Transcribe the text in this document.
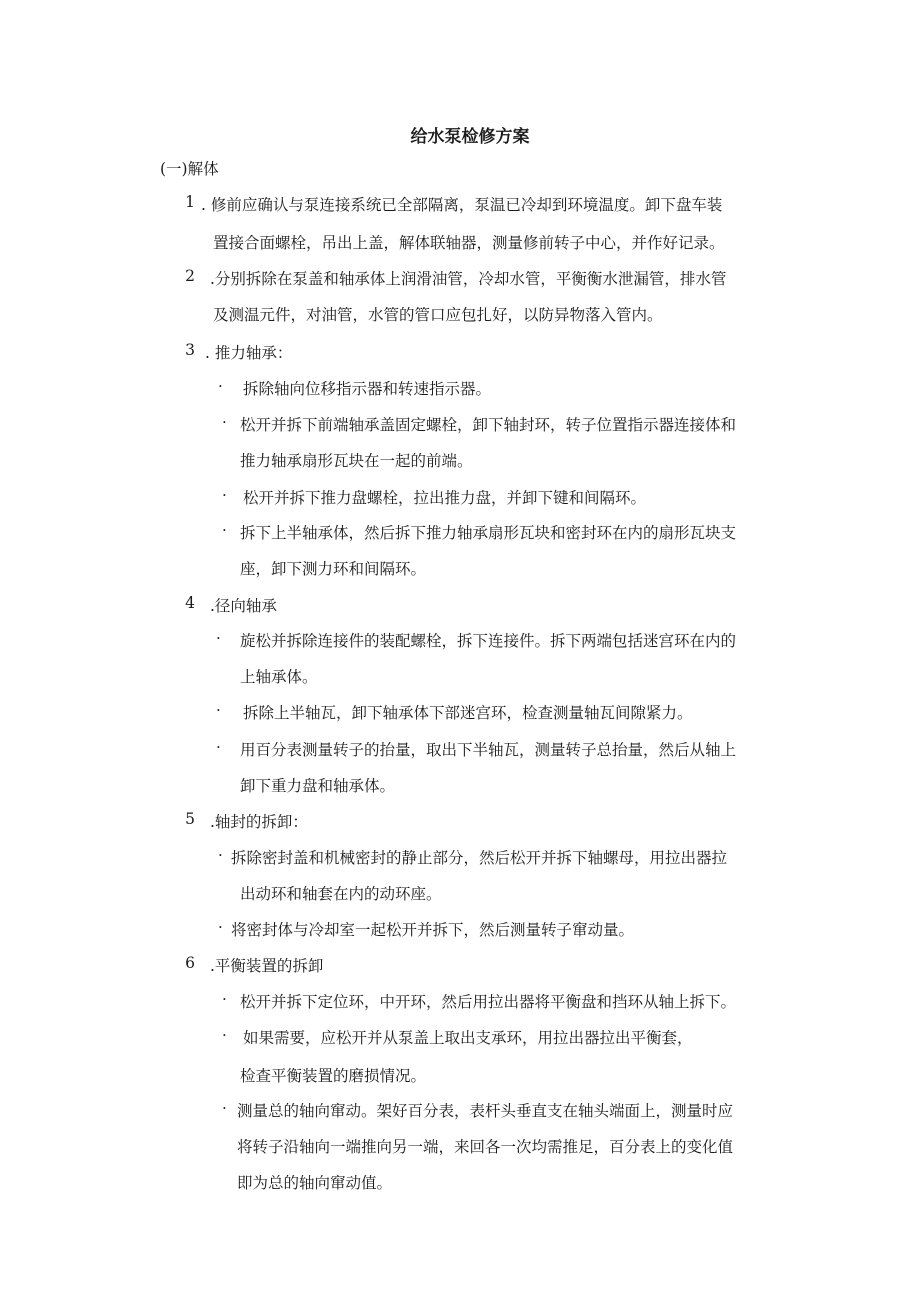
给水泵检修方案
(一)解体
1 . 修前应确认与泵连接系统已全部隔离，泵温已冷却到环境温度。卸下盘车装
置接合面螺栓，吊出上盖，解体联轴器，测量修前转子中心，并作好记录。
2 .分别拆除在泵盖和轴承体上润滑油管，冷却水管，平衡衡水泄漏管，排水管
及测温元件，对油管，水管的管口应包扎好，以防异物落入管内。
3 . 推力轴承：
· 拆除轴向位移指示器和转速指示器。
· 松开并拆下前端轴承盖固定螺栓，卸下轴封环，转子位置指示器连接体和
推力轴承扇形瓦块在一起的前端。
· 松开并拆下推力盘螺栓，拉出推力盘，并卸下键和间隔环。
· 拆下上半轴承体，然后拆下推力轴承扇形瓦块和密封环在内的扇形瓦块支
座，卸下测力环和间隔环。
4 .径向轴承
· 旋松并拆除连接件的装配螺栓，拆下连接件。拆下两端包括迷宫环在内的
上轴承体。
· 拆除上半轴瓦，卸下轴承体下部迷宫环，检查测量轴瓦间隙紧力。
· 用百分表测量转子的抬量，取出下半轴瓦，测量转子总抬量，然后从轴上
卸下重力盘和轴承体。
5 .轴封的拆卸：
· 拆除密封盖和机械密封的静止部分，然后松开并拆下轴螺母，用拉出器拉
出动环和轴套在内的动环座。
· 将密封体与冷却室一起松开并拆下，然后测量转子窜动量。
6 .平衡装置的拆卸
· 松开并拆下定位环，中开环，然后用拉出器将平衡盘和挡环从轴上拆下。
· 如果需要，应松开并从泵盖上取出支承环，用拉出器拉出平衡套，
检查平衡装置的磨损情况。
· 测量总的轴向窜动。架好百分表，表杆头垂直支在轴头端面上，测量时应
将转子沿轴向一端推向另一端，来回各一次均需推足，百分表上的变化值
即为总的轴向窜动值。
